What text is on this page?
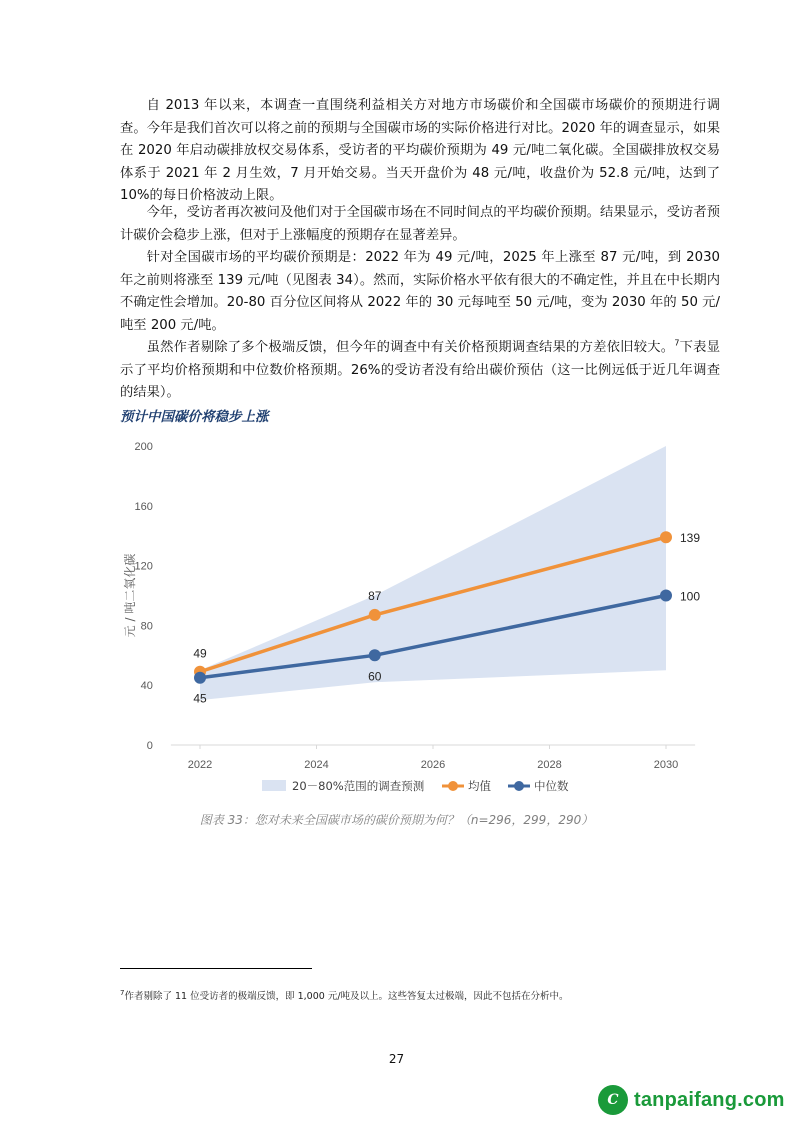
自 2013 年以来，本调查一直围绕利益相关方对地方市场碳价和全国碳市场碳价的预期进行调查。今年是我们首次可以将之前的预期与全国碳市场的实际价格进行对比。2020 年的调查显示，如果在 2020 年启动碳排放权交易体系，受访者的平均碳价预期为 49 元/吨二氧化碳。全国碳排放权交易体系于 2021 年 2 月生效，7 月开始交易。当天开盘价为 48 元/吨，收盘价为 52.8 元/吨，达到了 10%的每日价格波动上限。

今年，受访者再次被问及他们对于全国碳市场在不同时间点的平均碳价预期。结果显示，受访者预计碳价会稳步上涨，但对于上涨幅度的预期存在显著差异。

针对全国碳市场的平均碳价预期是：2022 年为 49 元/吨，2025 年上涨至 87 元/吨，到 2030 年之前则将涨至 139 元/吨（见图表 34）。然而，实际价格水平依有很大的不确定性，并且在中长期内不确定性会增加。20-80 百分位区间将从 2022 年的 30 元每吨至 50 元/吨，变为 2030 年的 50 元/吨至 200 元/吨。

虽然作者剔除了多个极端反馈，但今年的调查中有关价格预期调查结果的方差依旧较大。$^7$下表显示了平均价格预期和中位数价格预期。26%的受访者没有给出碳价预估（这一比例远低于近几年调查的结果）。

预计中国碳价将稳步上涨
0
40
80
120
160
200
2022	2024	2026	2028	2030
元 / 吨二氧化碳
49
87
139
45
60
100
20－80%范围的调查预测	均值	中位数
图表 33：您对未来全国碳市场的碳价预期为何？（n=296，299，290）
$^7$作者剔除了 11 位受访者的极端反馈，即 1,000 元/吨及以上。这些答复太过极端，因此不包括在分析中。
27
C tanpaifang.com
